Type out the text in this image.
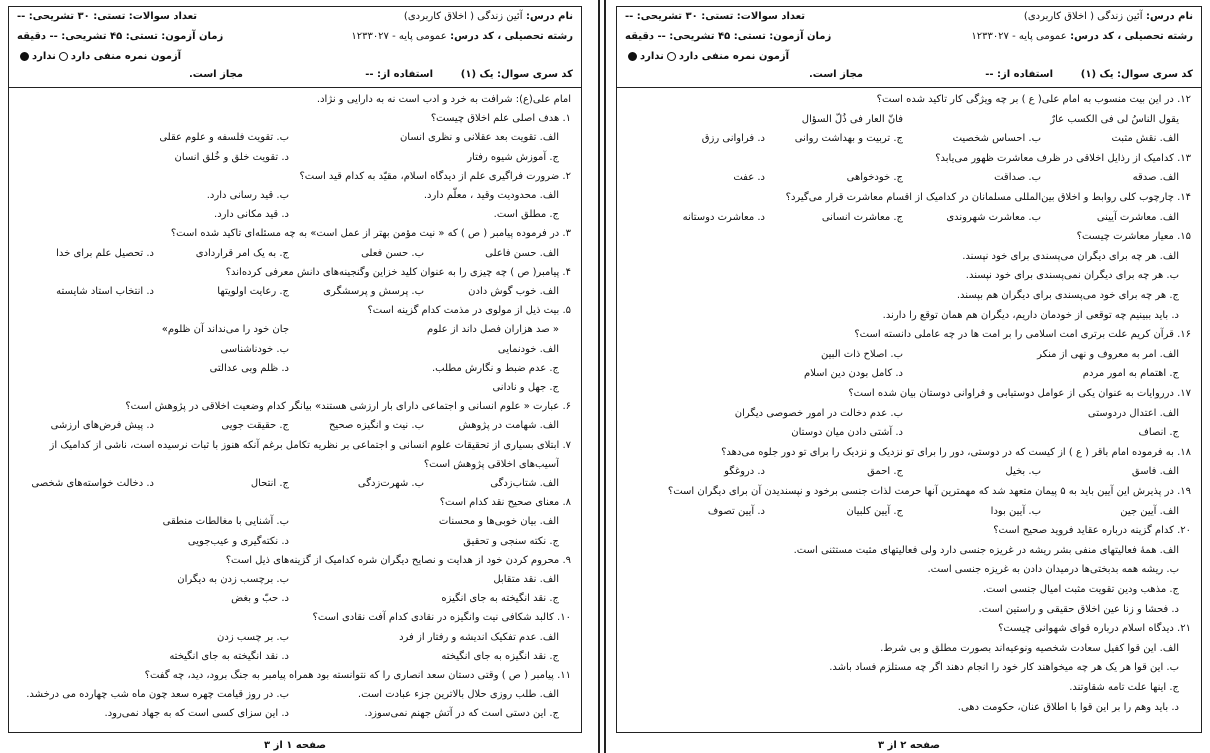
نام درس: آئین زندگی ( اخلاق کاربردی)
تعداد سوالات: تستی: ۳۰ تشریحی: --
رشته تحصیلی ، کد درس: عمومی پایه - ۱۲۳۳۰۲۷
زمان آزمون: تستی: ۴۵ تشریحی: -- دقیقه
آزمون نمره منفی داردندارد
کد سری سوال: یک (۱)
استفاده از: --
مجاز است.
امام علی(ع): شرافت به خرد و ادب است نه به دارایی و نژاد.
۱. هدف اصلی علم اخلاق چیست؟
الف. تقویت بعد عقلانی و نظری انسان
ب. تقویت فلسفه و علوم عقلی
ج. آموزش شیوه رفتار
د. تقویت خلق و خُلق انسان
۲. ضرورت فراگیری علم از دیدگاه اسلام، مقیّد به کدام قید است؟
الف. محدودیت وقید ، معلّم دارد.
ب. قید رسانی دارد.
ج. مطلق است.
د. قید مکانی دارد.
۳. در فرموده پیامبر ( ص ) که « نیت مؤمن بهتر از عمل است» به چه مسئله‌ای تاکید شده است؟
الف. حسن فاعلی
ب. حسن فعلی
ج. به یک امر قراردادی
د. تحصیل علم برای خدا
۴. پیامبر( ص ) چه چیزی را به عنوان کلید خزاین وگنجینه‌های دانش معرفی کرده‌اند؟
الف. خوب گوش دادن
ب. پرسش و پرسشگری
ج. رعایت اولویتها
د. انتخاب استاد شایسته
۵. بیت ذیل از مولوی در مذمت کدام گزینه است؟
« صد هزاران فصل داند از علوم
جان خود را می‌نداند آن ظلوم»
الف. خودنمایی
ب. خودناشناسی
ج. عدم ضبط و نگارش مطلب.
د. ظلم وبی عدالتی
ج. جهل و نادانی
۶. عبارت « علوم انسانی و اجتماعی دارای بار ارزشی هستند» بیانگر کدام وضعیت اخلاقی در پژوهش است؟
الف. شهامت در پژوهش
ب. نیت و انگیزه صحیح
ج. حقیقت جویی
د. پیش فرض‌های ارزشی
۷. ابتلای بسیاری از تحقیقات علوم انسانی و اجتماعی بر نظریه تکامل برغم آنکه هنوز با ثبات نرسیده است، ناشی از کدامیک از
آسیب‌های اخلاقی پژوهش است؟
الف. شتاب‌زدگی
ب. شهرت‌زدگی
ج. انتحال
د. دخالت خواسته‌های شخصی
۸. معنای صحیح نقد کدام است؟
الف. بیان خوبی‌ها و محسنات
ب. آشنایی با مغالطات منطقی
ج. نکته سنجی و تحقیق
د. نکته‌گیری و عیب‌جویی
۹. محروم کردن خود از هدایت و نصایح دیگران شره کدامیک از گزینه‌های ذیل است؟
الف. نقد متقابل
ب. برچسب زدن به دیگران
ج. نقد انگیخته به جای انگیزه
د. حبّ و بغض
۱۰. کالبد شکافی نیت وانگیزه در نقادی کدام آفت نقادی است؟
الف. عدم تفکیک اندیشه و رفتار از فرد
ب. بر چسب زدن
ج. نقد انگیزه به جای انگیخته
د. نقد انگیخته به جای انگیخته
۱۱. پیامبر ( ص ) وقتی دستان سعد انصاری را که نتوانسته بود همراه پیامبر به جنگ برود، دید، چه گفت؟
الف. طلب روزی حلال بالاترین جزء عبادت است.
ب. در روز قیامت چهره سعد چون ماه شب چهارده می درخشد.
ج. این دستی است که در آتش جهنم نمی‌سوزد.
د. این سزای کسی است که به جهاد نمی‌رود.
صفحه ۱ از ۳
نام درس: آئین زندگی ( اخلاق کاربردی)
تعداد سوالات: تستی: ۳۰ تشریحی: --
رشته تحصیلی ، کد درس: عمومی پایه - ۱۲۳۳۰۲۷
زمان آزمون: تستی: ۴۵ تشریحی: -- دقیقه
آزمون نمره منفی داردندارد
کد سری سوال: یک (۱)
استفاده از: --
مجاز است.
۱۲. در این بیت منسوب به امام علی( ع ) بر چه ویژگی کار تاکید شده است؟
یقول الناسُ لی فی الکسب عارٌ
فانّ العار فی ذُلّ السؤال
الف. نقش مثبت
ب. احساس شخصیت
ج. تربیت و بهداشت روانی
د. فراوانی رزق
۱۳. کدامیک از رذایل اخلاقی در ظرف معاشرت ظهور می‌یابد؟
الف. صدقه
ب. صداقت
ج. خودخواهی
د. عفت
۱۴. چارچوب کلی روابط و اخلاق بین‌المللی مسلمانان در کدامیک از اقسام معاشرت قرار می‌گیرد؟
الف. معاشرت آیینی
ب. معاشرت شهروندی
ج. معاشرت انسانی
د. معاشرت دوستانه
۱۵. معیار معاشرت چیست؟
الف. هر چه برای دیگران می‌پسندی برای خود نپسند.
ب. هر چه برای دیگران نمی‌پسندی برای خود نپسند.
ج. هر چه برای خود می‌پسندی برای دیگران هم بپسند.
د. باید ببینیم چه توقعی از خودمان داریم، دیگران هم همان توقع را دارند.
۱۶. قرآن کریم علت برتری امت اسلامی را بر امت ها در چه عاملی دانسته است؟
الف. امر به معروف و نهی از منکر
ب. اصلاح ذات البین
ج. اهتمام به امور مردم
د. کامل بودن دین اسلام
۱۷. درروایات به عنوان یکی از عوامل دوستیابی و فراوانی دوستان بیان شده است؟
الف. اعتدال دردوستی
ب. عدم دخالت در امور خصوصی دیگران
ج. انصاف
د. آشتی دادن میان دوستان
۱۸. به فرموده امام باقر ( ع ) از کیست که در دوستی، دور را برای تو نزدیک و نزدیک را برای تو دور جلوه می‌دهد؟
الف. فاسق
ب. بخیل
ج. احمق
د. دروغگو
۱۹. در پذیرش این آیین باید به ۵ پیمان متعهد شد که مهمترین آنها حرمت لذات جنسی برخود و نپسندیدن آن برای دیگران است؟
الف. آیین جین
ب. آیین بودا
ج. آیین کلبیان
د. آیین تصوف
۲۰. کدام گزینه درباره عقاید فروید صحیح است؟
الف. همهٔ فعالیتهای منفی بشر ریشه در غریزه جنسی دارد ولی فعالیتهای مثبت مستثنی است.
ب. ریشه همه بدبختی‌ها درمیدان دادن به غریزه جنسی است.
ج. مذهب ودین تقویت مثبت امیال جنسی است.
د. فحشا و زنا عین اخلاق حقیقی و راستین است.
۲۱. دیدگاه اسلام درباره قوای شهوانی چیست؟
الف. این قوا کفیل سعادت شخصیه ونوعیه‌اند بصورت مطلق و بی شرط.
ب. این قوا هر یک هر چه میخواهند کار خود را انجام دهند اگر چه مستلزم فساد باشد.
ج. اینها علت تامه شقاوتند.
د. باید وهم را بر این قوا با اطلاق عنان، حکومت دهی.
صفحه ۲ از ۳
